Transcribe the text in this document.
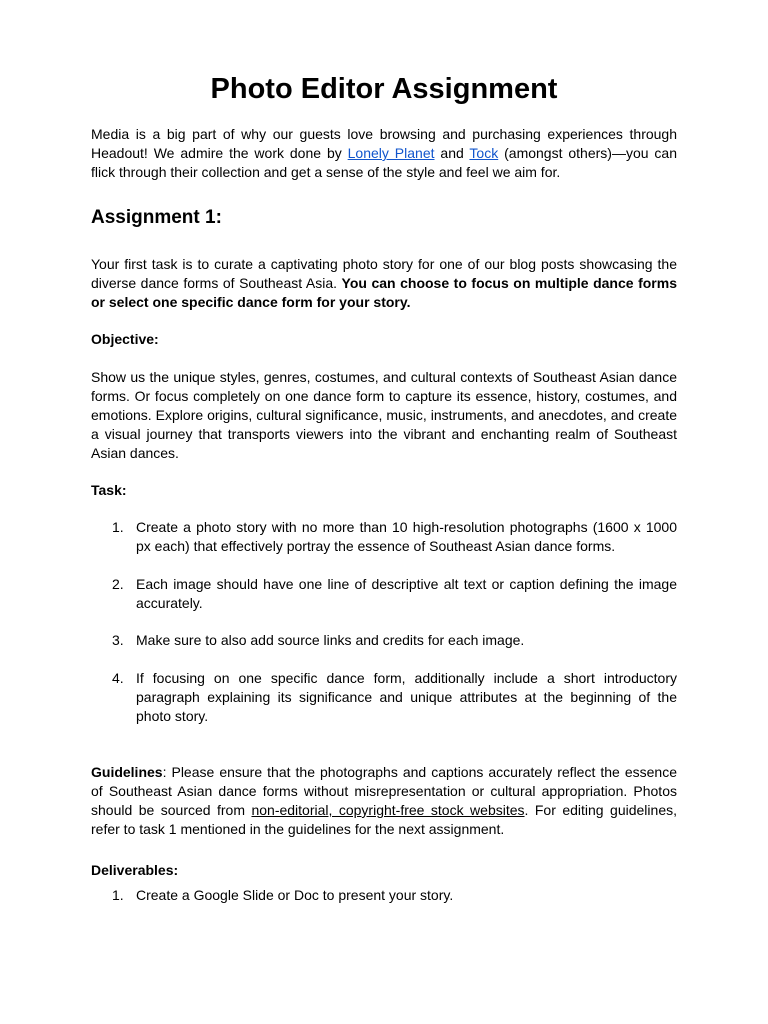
Photo Editor Assignment

Media is a big part of why our guests love browsing and purchasing experiences through Headout! We admire the work done by Lonely Planet and Tock (amongst others)—you can flick through their collection and get a sense of the style and feel we aim for.

Assignment 1:

Your first task is to curate a captivating photo story for one of our blog posts showcasing the diverse dance forms of Southeast Asia. You can choose to focus on multiple dance forms or select one specific dance form for your story.

Objective:

Show us the unique styles, genres, costumes, and cultural contexts of Southeast Asian dance forms. Or focus completely on one dance form to capture its essence, history, costumes, and emotions. Explore origins, cultural significance, music, instruments, and anecdotes, and create a visual journey that transports viewers into the vibrant and enchanting realm of Southeast Asian dances.

Task:

1. Create a photo story with no more than 10 high-resolution photographs (1600 x 1000 px each) that effectively portray the essence of Southeast Asian dance forms.
2. Each image should have one line of descriptive alt text or caption defining the image accurately.
3. Make sure to also add source links and credits for each image.
4. If focusing on one specific dance form, additionally include a short introductory paragraph explaining its significance and unique attributes at the beginning of the photo story.

Guidelines: Please ensure that the photographs and captions accurately reflect the essence of Southeast Asian dance forms without misrepresentation or cultural appropriation. Photos should be sourced from non-editorial, copyright-free stock websites. For editing guidelines, refer to task 1 mentioned in the guidelines for the next assignment.

Deliverables:

1. Create a Google Slide or Doc to present your story.
